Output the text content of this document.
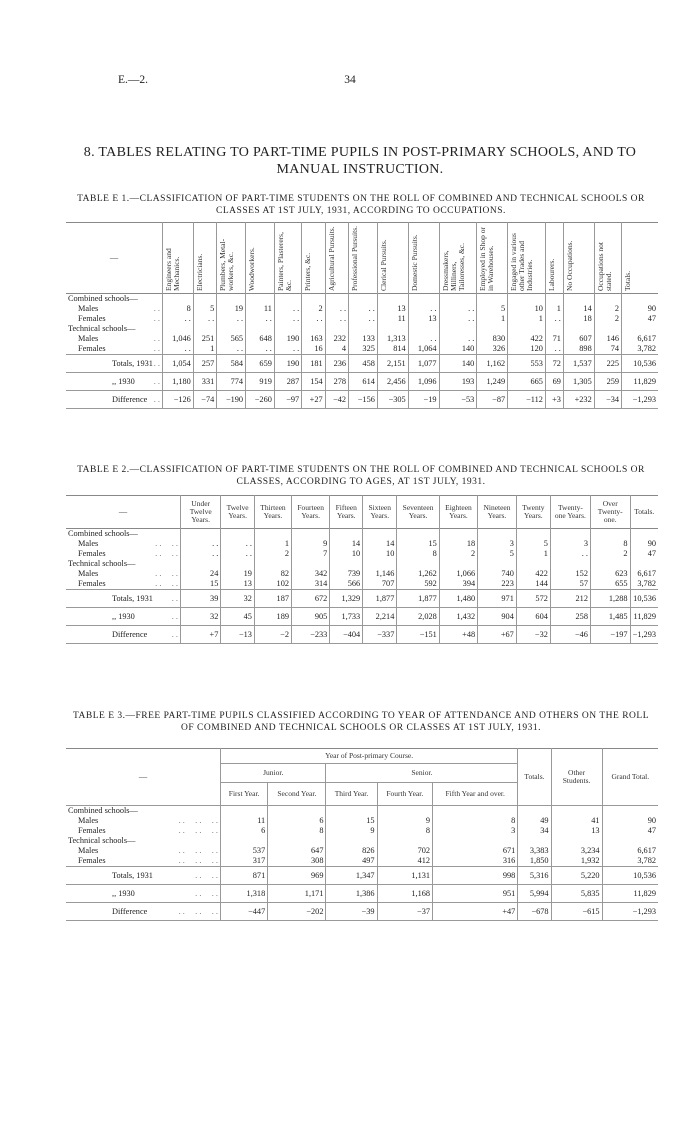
E.—2.	34
8. TABLES RELATING TO PART-TIME PUPILS IN POST-PRIMARY SCHOOLS, AND TO MANUAL INSTRUCTION.
TABLE E 1.—CLASSIFICATION OF PART-TIME STUDENTS ON THE ROLL OF COMBINED AND TECHNICAL SCHOOLS OR CLASSES AT 1ST JULY, 1931, ACCORDING TO OCCUPATIONS.
—	Engineers and Mechanics.	Electricians.	Plumbers, Metal-workers, &c.	Woodworkers.	Painters, Plasterers, &c.	Printers, &c.	Agricultural Pursuits.	Professional Pursuits.	Clerical Pursuits.	Domestic Pursuits.	Dressmakers, Milliners, Tailoresses, &c.	Employed in Shop or in Warehouses.	Engaged in various other Trades and Industries.	Labourers.	No Occupations.	Occupations not stated.	Totals.

Combined schools—																	
Males . .	8	5	19	11	. .	2	. .	. .	13	. .	. .	5	10	1	14	2	90
Females . .	. .	. .	. .	. .	. .	. .	. .	. .	11	13	. .	1	1	. .	18	2	47
Technical schools—																	
Males . .	1,046	251	565	648	190	163	232	133	1,313	. .	. .	830	422	71	607	146	6,617
Females . .	. .	1	. .	. .	. .	16	4	325	814	1,064	140	326	120	. .	898	74	3,782
Totals, 1931 . .	1,054	257	584	659	190	181	236	458	2,151	1,077	140	1,162	553	72	1,537	225	10,536
,, 1930 . .	1,180	331	774	919	287	154	278	614	2,456	1,096	193	1,249	665	69	1,305	259	11,829
Difference . .	−126	−74	−190	−260	−97	+27	−42	−156	−305	−19	−53	−87	−112	+3	+232	−34	−1,293
TABLE E 2.—CLASSIFICATION OF PART-TIME STUDENTS ON THE ROLL OF COMBINED AND TECHNICAL SCHOOLS OR CLASSES, ACCORDING TO AGES, AT 1ST JULY, 1931.
—	Under Twelve Years.	Twelve Years.	Thirteen Years.	Fourteen Years.	Fifteen Years.	Sixteen Years.	Seventeen Years.	Eighteen Years.	Nineteen Years.	Twenty Years.	Twenty-one Years.	Over Twenty-one.	Totals.
Combined schools—													
Males . .     . .	. .	. .	1	9	14	14	15	18	3	5	3	8	90
Females . .     . .	. .	. .	2	7	10	10	8	2	5	1	. .	2	47
Technical schools—													
Males . .     . .	24	19	82	342	739	1,146	1,262	1,066	740	422	152	623	6,617
Females . .     . .	15	13	102	314	566	707	592	394	223	144	57	655	3,782
Totals, 1931 . .	39	32	187	672	1,329	1,877	1,877	1,480	971	572	212	1,288	10,536
,, 1930 . .	32	45	189	905	1,733	2,214	2,028	1,432	904	604	258	1,485	11,829
Difference . .	+7	−13	−2	−233	−404	−337	−151	+48	+67	−32	−46	−197	−1,293
TABLE E 3.—FREE PART-TIME PUPILS CLASSIFIED ACCORDING TO YEAR OF ATTENDANCE AND OTHERS ON THE ROLL OF COMBINED AND TECHNICAL SCHOOLS OR CLASSES AT 1ST JULY, 1931.
—	Year of Post-primary Course.					Totals.	Other Students.	Grand Total.
	Junior.		Senior.					
	First Year.	Second Year.	Third Year.	Fourth Year.	Fifth Year and over.			
Combined schools—								
Males . .     . .     . .	11	6	15	9	8	49	41	90
Females . .     . .     . .	6	8	9	8	3	34	13	47
Technical schools—								
Males . .     . .     . .	537	647	826	702	671	3,383	3,234	6,617
Females . .     . .     . .	317	308	497	412	316	1,850	1,932	3,782
Totals, 1931 . .     . .	871	969	1,347	1,131	998	5,316	5,220	10,536
,, 1930 . .     . .	1,318	1,171	1,386	1,168	951	5,994	5,835	11,829
Difference . .     . .     . .	−447	−202	−39	−37	+47	−678	−615	−1,293
